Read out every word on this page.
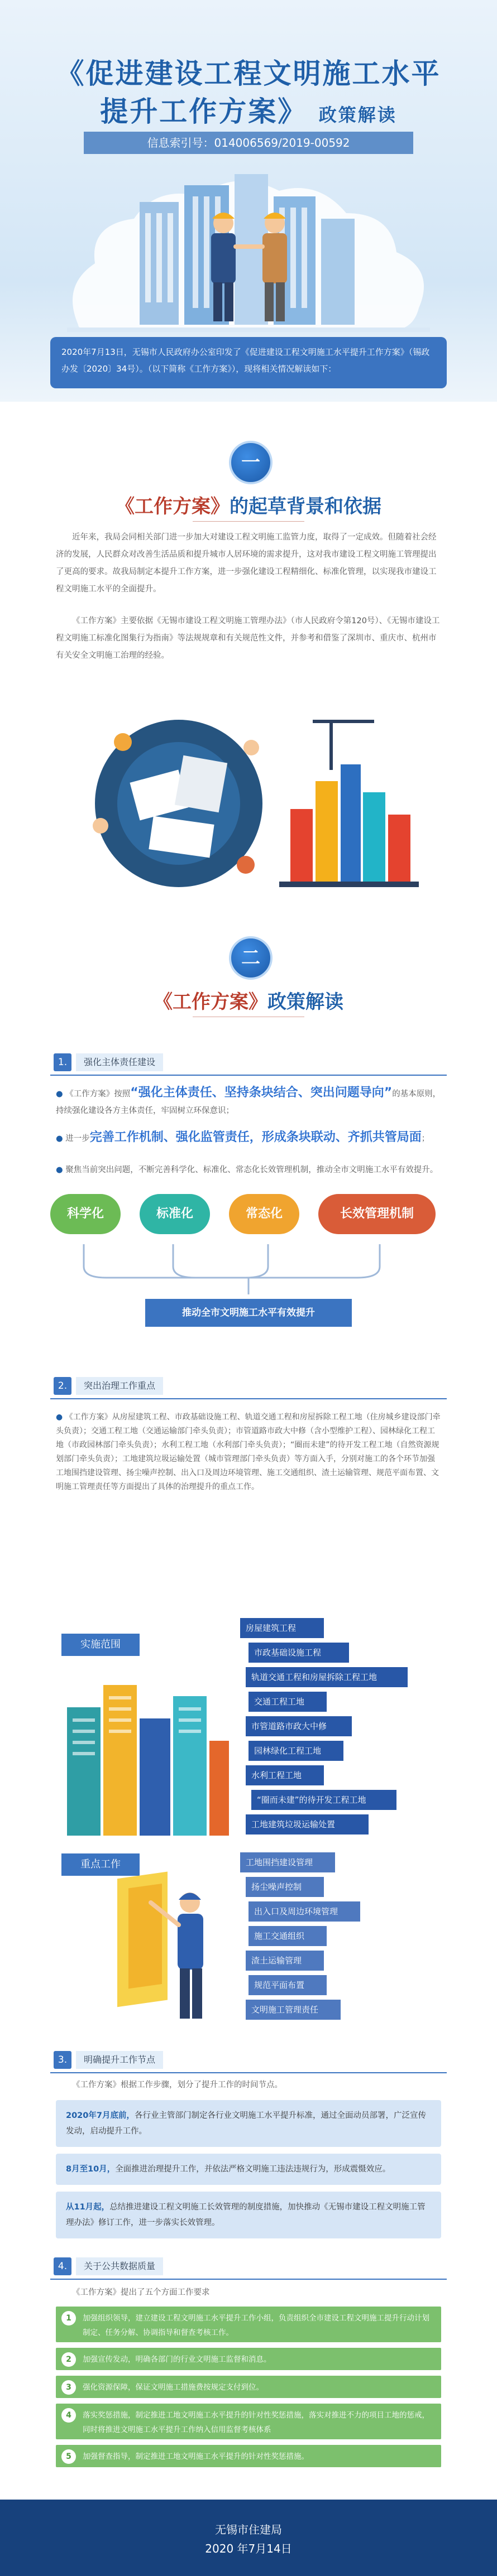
《促进建设工程文明施工水平
提升工作方案》 政策解读
信息索引号：014006569/2019-00592
2020年7月13日，无锡市人民政府办公室印发了《促进建设工程文明施工水平提升工作方案》（锡政办发〔2020〕34号）。（以下简称《工作方案》），现将相关情况解读如下：
一
《工作方案》的起草背景和依据
近年来，我局会同相关部门进一步加大对建设工程文明施工监管力度，取得了一定成效。但随着社会经济的发展，人民群众对改善生活品质和提升城市人居环境的需求提升，这对我市建设工程文明施工管理提出了更高的要求。故我局制定本提升工作方案，进一步强化建设工程精细化、标准化管理，以实现我市建设工程文明施工水平的全面提升。
《工作方案》主要依据《无锡市建设工程文明施工管理办法》（市人民政府令第120号）、《无锡市建设工程文明施工标准化图集行为指南》等法规规章和有关规范性文件，并参考和借鉴了深圳市、重庆市、杭州市有关安全文明施工治理的经验。
二
《工作方案》政策解读
1.	强化主体责任建设
● 《工作方案》按照“强化主体责任、坚持条块结合、突出问题导向”的基本原则，持续强化建设各方主体责任，牢固树立环保意识；
● 进一步完善工作机制、强化监管责任，形成条块联动、齐抓共管局面；
● 聚焦当前突出问题，不断完善科学化、标准化、常态化长效管理机制，推动全市文明施工水平有效提升。
科学化	标准化	常态化	长效管理机制
推动全市文明施工水平有效提升
2.	突出治理工作重点
● 《工作方案》从房屋建筑工程、市政基础设施工程、轨道交通工程和房屋拆除工程工地（住房城乡建设部门牵头负责）；交通工程工地（交通运输部门牵头负责）；市管道路市政大中修（含小型维护工程）、园林绿化工程工地（市政园林部门牵头负责）；水利工程工地（水利部门牵头负责）；“圈而未建”的待开发工程工地（自然资源规划部门牵头负责）；工地建筑垃圾运输处置（城市管理部门牵头负责）等方面入手，分别对施工的各个环节加强工地围挡建设管理、扬尘噪声控制、出入口及周边环境管理、施工交通组织、渣土运输管理、规范平面布置、文明施工管理责任等方面提出了具体的治理提升的重点工作。
实施范围
房屋建筑工程
市政基础设施工程
轨道交通工程和房屋拆除工程工地
交通工程工地
市管道路市政大中修
园林绿化工程工地
水利工程工地
“圈而未建”的待开发工程工地
工地建筑垃圾运输处置
重点工作	工地围挡建设管理
扬尘噪声控制
出入口及周边环境管理
施工交通组织
渣土运输管理
规范平面布置
文明施工管理责任
3.	明确提升工作节点
《工作方案》根据工作步骤，划分了提升工作的时间节点。
2020年7月底前，各行业主管部门制定各行业文明施工水平提升标准，通过全面动员部署，广泛宣传发动，启动提升工作。
8月至10月，全面推进治理提升工作，并依法严格文明施工违法违规行为，形成震慑效应。
从11月起，总结推进建设工程文明施工长效管理的制度措施，加快推动《无锡市建设工程文明施工管理办法》修订工作，进一步落实长效管理。
4.	关于公共数据质量
《工作方案》提出了五个方面工作要求
1	加强组织领导，建立建设工程文明施工水平提升工作小组，负责组织全市建设工程文明施工提升行动计划制定、任务分解、协调指导和督查考核工作。
2	加强宣传发动，明确各部门的行业文明施工监督和消息。
3	强化资源保障，保证文明施工措施费按规定支付到位。
4	落实奖惩措施，制定推进工地文明施工水平提升的针对性奖惩措施，落实对推进不力的项目工地的惩戒，同时将推进文明施工水平提升工作纳入信用监督考核体系
5	加强督查指导，制定推进工地文明施工水平提升的针对性奖惩措施。
无锡市住建局
2020 年7月14日
